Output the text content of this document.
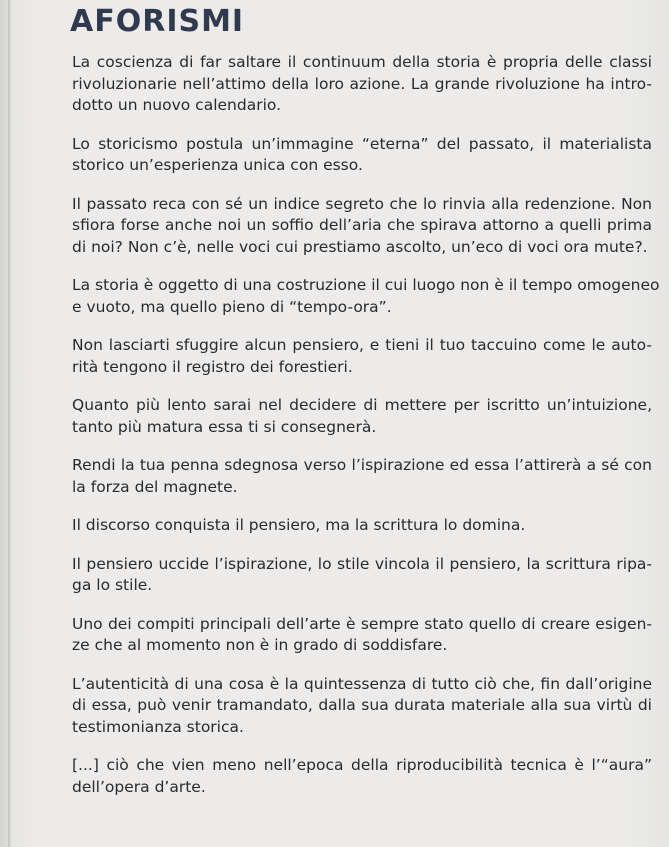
AFORISMI

La coscienza di far saltare il continuum della storia è propria delle classi
rivoluzionarie nell’attimo della loro azione. La grande rivoluzione ha intro-
dotto un nuovo calendario.

Lo storicismo postula un’immagine “eterna” del passato, il materialista
storico un’esperienza unica con esso.

Il passato reca con sé un indice segreto che lo rinvia alla redenzione. Non
sfiora forse anche noi un soffio dell’aria che spirava attorno a quelli prima
di noi? Non c’è, nelle voci cui prestiamo ascolto, un’eco di voci ora mute?.

La storia è oggetto di una costruzione il cui luogo non è il tempo omogeneo
e vuoto, ma quello pieno di “tempo-ora”.

Non lasciarti sfuggire alcun pensiero, e tieni il tuo taccuino come le auto-
rità tengono il registro dei forestieri.

Quanto più lento sarai nel decidere di mettere per iscritto un’intuizione,
tanto più matura essa ti si consegnerà.

Rendi la tua penna sdegnosa verso l’ispirazione ed essa l’attirerà a sé con
la forza del magnete.

Il discorso conquista il pensiero, ma la scrittura lo domina.

Il pensiero uccide l’ispirazione, lo stile vincola il pensiero, la scrittura ripa-
ga lo stile.

Uno dei compiti principali dell’arte è sempre stato quello di creare esigen-
ze che al momento non è in grado di soddisfare.

L’autenticità di una cosa è la quintessenza di tutto ciò che, fin dall’origine
di essa, può venir tramandato, dalla sua durata materiale alla sua virtù di
testimonianza storica.

[...] ciò che vien meno nell’epoca della riproducibilità tecnica è l’“aura”
dell’opera d’arte.
